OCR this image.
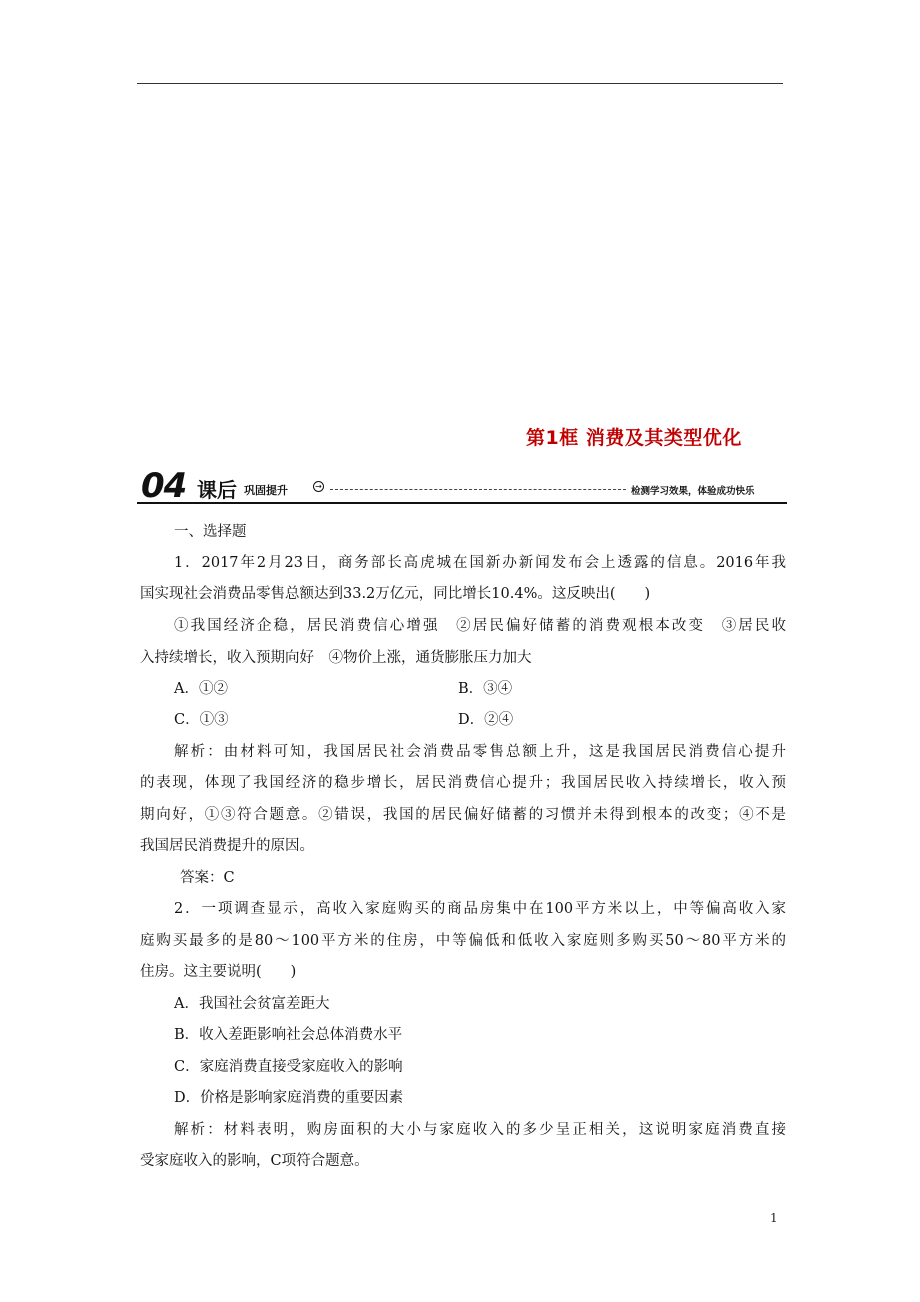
第1框 消费及其类型优化
04 课后 巩固提升	→	检测学习效果，体验成功快乐
一、选择题
1．2017年2月23日，商务部长高虎城在国新办新闻发布会上透露的信息。2016年我
国实现社会消费品零售总额达到33.2万亿元，同比增长10.4%。这反映出(　　)
①我国经济企稳，居民消费信心增强　②居民偏好储蓄的消费观根本改变　③居民收
入持续增长，收入预期向好　④物价上涨，通货膨胀压力加大
A．①②	B．③④
C．①③	D．②④
解析：由材料可知，我国居民社会消费品零售总额上升，这是我国居民消费信心提升
的表现，体现了我国经济的稳步增长，居民消费信心提升；我国居民收入持续增长，收入预
期向好，①③符合题意。②错误，我国的居民偏好储蓄的习惯并未得到根本的改变；④不是
我国居民消费提升的原因。
答案：C
2．一项调查显示，高收入家庭购买的商品房集中在100平方米以上，中等偏高收入家
庭购买最多的是80～100平方米的住房，中等偏低和低收入家庭则多购买50～80平方米的
住房。这主要说明(　　)
A．我国社会贫富差距大
B．收入差距影响社会总体消费水平
C．家庭消费直接受家庭收入的影响
D．价格是影响家庭消费的重要因素
解析：材料表明，购房面积的大小与家庭收入的多少呈正相关，这说明家庭消费直接
受家庭收入的影响，C项符合题意。
1
